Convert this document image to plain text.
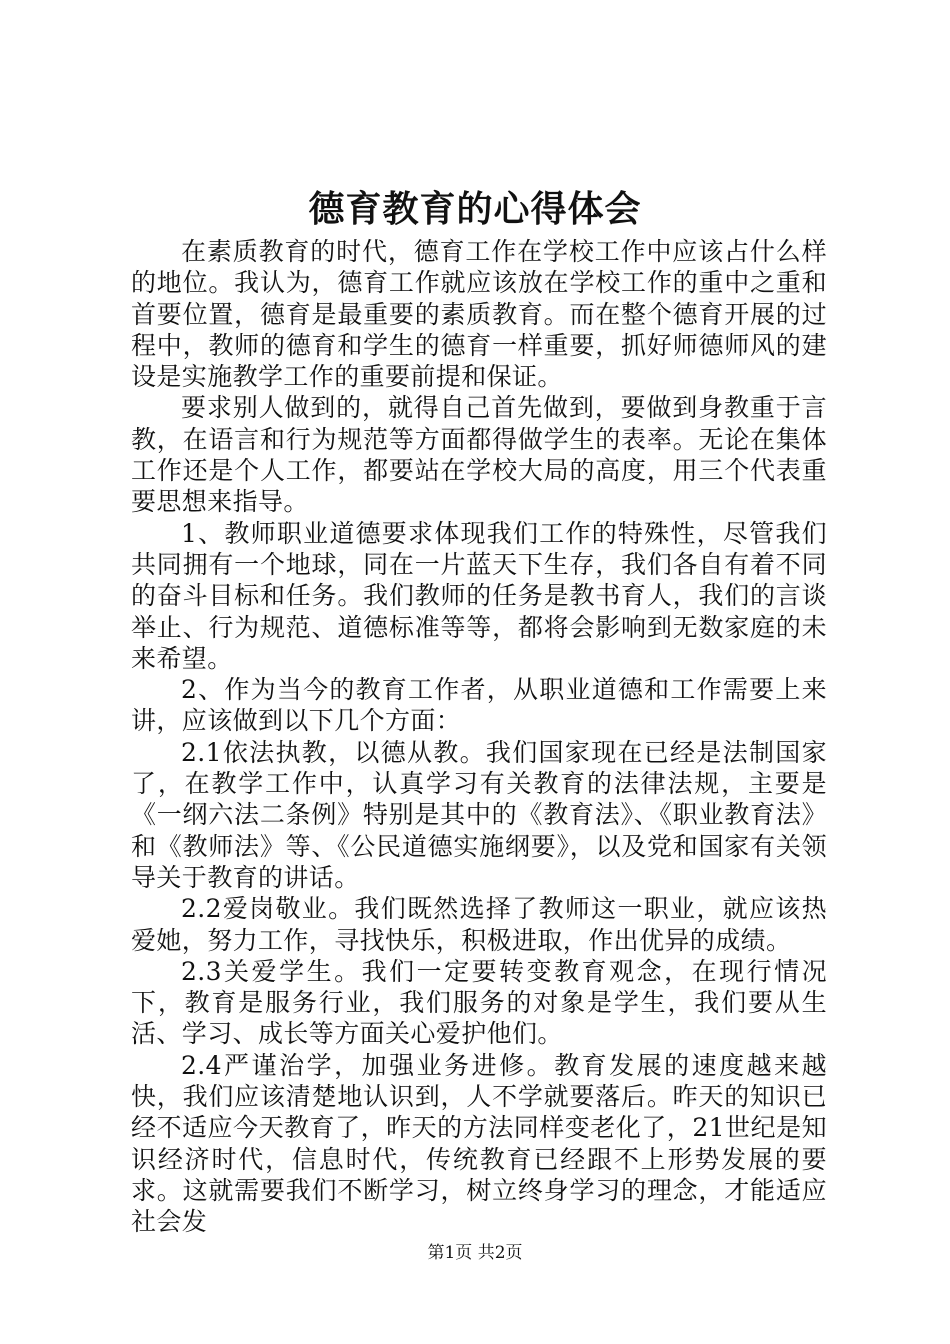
德育教育的心得体会

在素质教育的时代，德育工作在学校工作中应该占什么样的地位。我认为，德育工作就应该放在学校工作的重中之重和首要位置，德育是最重要的素质教育。而在整个德育开展的过程中，教师的德育和学生的德育一样重要，抓好师德师风的建设是实施教学工作的重要前提和保证。

要求别人做到的，就得自己首先做到，要做到身教重于言教，在语言和行为规范等方面都得做学生的表率。无论在集体工作还是个人工作，都要站在学校大局的高度，用三个代表重要思想来指导。

1、教师职业道德要求体现我们工作的特殊性，尽管我们共同拥有一个地球，同在一片蓝天下生存，我们各自有着不同的奋斗目标和任务。我们教师的任务是教书育人，我们的言谈举止、行为规范、道德标准等等，都将会影响到无数家庭的未来希望。

2、作为当今的教育工作者，从职业道德和工作需要上来讲，应该做到以下几个方面：

2.1依法执教，以德从教。我们国家现在已经是法制国家了，在教学工作中，认真学习有关教育的法律法规，主要是《一纲六法二条例》特别是其中的《教育法》、《职业教育法》和《教师法》等、《公民道德实施纲要》，以及党和国家有关领导关于教育的讲话。

2.2爱岗敬业。我们既然选择了教师这一职业，就应该热爱她，努力工作，寻找快乐，积极进取，作出优异的成绩。

2.3关爱学生。我们一定要转变教育观念，在现行情况下，教育是服务行业，我们服务的对象是学生，我们要从生活、学习、成长等方面关心爱护他们。

2.4严谨治学，加强业务进修。教育发展的速度越来越快，我们应该清楚地认识到，人不学就要落后。昨天的知识已经不适应今天教育了，昨天的方法同样变老化了，21世纪是知识经济时代，信息时代，传统教育已经跟不上形势发展的要求。这就需要我们不断学习，树立终身学习的理念，才能适应社会发

第1页 共2页
